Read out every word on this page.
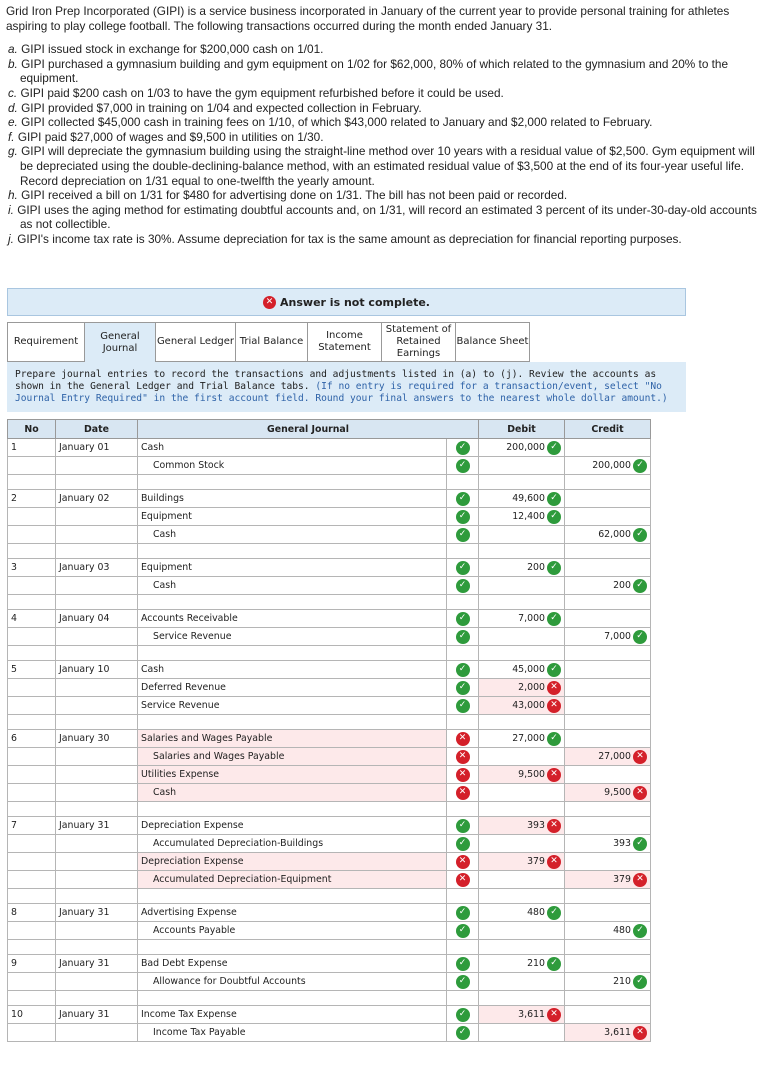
Grid Iron Prep Incorporated (GIPI) is a service business incorporated in January of the current year to provide personal training for athletes aspiring to play college football. The following transactions occurred during the month ended January 31.

a. GIPI issued stock in exchange for $200,000 cash on 1/01.
b. GIPI purchased a gymnasium building and gym equipment on 1/02 for $62,000, 80% of which related to the gymnasium and 20% to the equipment.
c. GIPI paid $200 cash on 1/03 to have the gym equipment refurbished before it could be used.
d. GIPI provided $7,000 in training on 1/04 and expected collection in February.
e. GIPI collected $45,000 cash in training fees on 1/10, of which $43,000 related to January and $2,000 related to February.
f. GIPI paid $27,000 of wages and $9,500 in utilities on 1/30.
g. GIPI will depreciate the gymnasium building using the straight-line method over 10 years with a residual value of $2,500. Gym equipment will be depreciated using the double-declining-balance method, with an estimated residual value of $3,500 at the end of its four-year useful life. Record depreciation on 1/31 equal to one-twelfth the yearly amount.
h. GIPI received a bill on 1/31 for $480 for advertising done on 1/31. The bill has not been paid or recorded.
i. GIPI uses the aging method for estimating doubtful accounts and, on 1/31, will record an estimated 3 percent of its under-30-day-old accounts as not collectible.
j. GIPI's income tax rate is 30%. Assume depreciation for tax is the same amount as depreciation for financial reporting purposes.
✕ Answer is not complete.
Requirement	General Journal
General Ledger Trial Balance
Income Statement
Statement of Retained Earnings
Balance Sheet
Prepare journal entries to record the transactions and adjustments listed in (a) to (j). Review the accounts as shown in the General Ledger and Trial Balance tabs. (If no entry is required for a transaction/event, select "No Journal Entry Required" in the first account field. Round your final answers to the nearest whole dollar amount.)
No	Date	General Journal		Debit	Credit
1	January 01	Cash	✓	200,000 ✓	

		Common Stock	✓		200,000 ✓

2	January 02	Buildings	✓	49,600 ✓	

		Equipment	✓	12,400 ✓	

		Cash	✓		62,000 ✓

3	January 03	Equipment	✓	200 ✓	

		Cash	✓		200 ✓

4	January 04	Accounts Receivable	✓	7,000 ✓	

		Service Revenue	✓		7,000 ✓

5	January 10	Cash	✓	45,000 ✓	

		Deferred Revenue	✓	2,000 ✕	

		Service Revenue	✓	43,000 ✕	

6	January 30	Salaries and Wages Payable	✕	27,000 ✓	

		Salaries and Wages Payable	✕		27,000 ✕

		Utilities Expense	✕	9,500 ✕	

		Cash	✕		9,500 ✕

7	January 31	Depreciation Expense	✓	393 ✕	

		Accumulated Depreciation-Buildings	✓		393 ✓

		Depreciation Expense	✕	379 ✕	

		Accumulated Depreciation-Equipment	✕		379 ✕

8	January 31	Advertising Expense	✓	480 ✓	

		Accounts Payable	✓		480 ✓

9	January 31	Bad Debt Expense	✓	210 ✓	

		Allowance for Doubtful Accounts	✓		210 ✓

10	January 31	Income Tax Expense	✓	3,611 ✕	

		Income Tax Payable	✓		3,611 ✕
